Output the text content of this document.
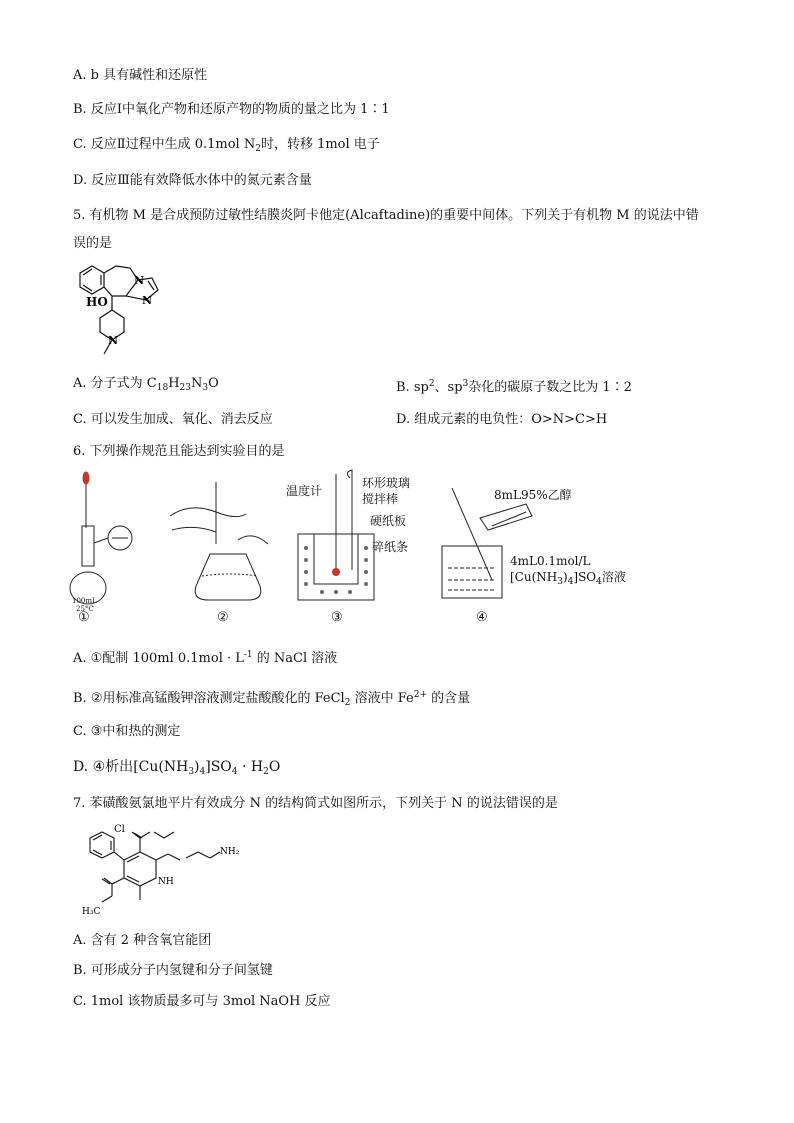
A. b 具有碱性和还原性
B. 反应Ⅰ中氧化产物和还原产物的物质的量之比为 1∶1
C. 反应Ⅱ过程中生成 0.1mol $N_2$时，转移 1mol 电子
D. 反应Ⅲ能有效降低水体中的氮元素含量
5. 有机物 M 是合成预防过敏性结膜炎阿卡他定(Alcaftadine)的重要中间体。下列关于有机物 M 的说法中错
误的是
HO
N
N
N
A. 分子式为 $C_{18}H_{23}N_3O$	B. $sp^2$、$sp^3$杂化的碳原子数之比为 1∶2
C. 可以发生加成、氧化、消去反应	D. 组成元素的电负性：O>N>C>H
6. 下列操作规范且能达到实验目的是
100mL
25°C
温度计
环形玻璃
搅拌棒
硬纸板
碎纸条
8mL95%乙醇
4mL0.1mol/L
$[Cu(NH_3)_4]SO_4$溶液
①	②	③	④
A. ①配制 100ml $0.1mol \cdot L^{-1}$ 的 NaCl 溶液
B. ②用标准高锰酸钾溶液测定盐酸酸化的 FeCl$_2$ 溶液中 $Fe^{2+}$ 的含量
C. ③中和热的测定
D. ④析出$[Cu(NH_3)_4]SO_4 \cdot H_2O$
7. 苯磺酸氨氯地平片有效成分 N 的结构简式如图所示，下列关于 N 的说法错误的是
Cl
NH₂
NH
H₃C
A. 含有 2 种含氧官能团
B. 可形成分子内氢键和分子间氢键
C. 1mol 该物质最多可与 3mol NaOH 反应
